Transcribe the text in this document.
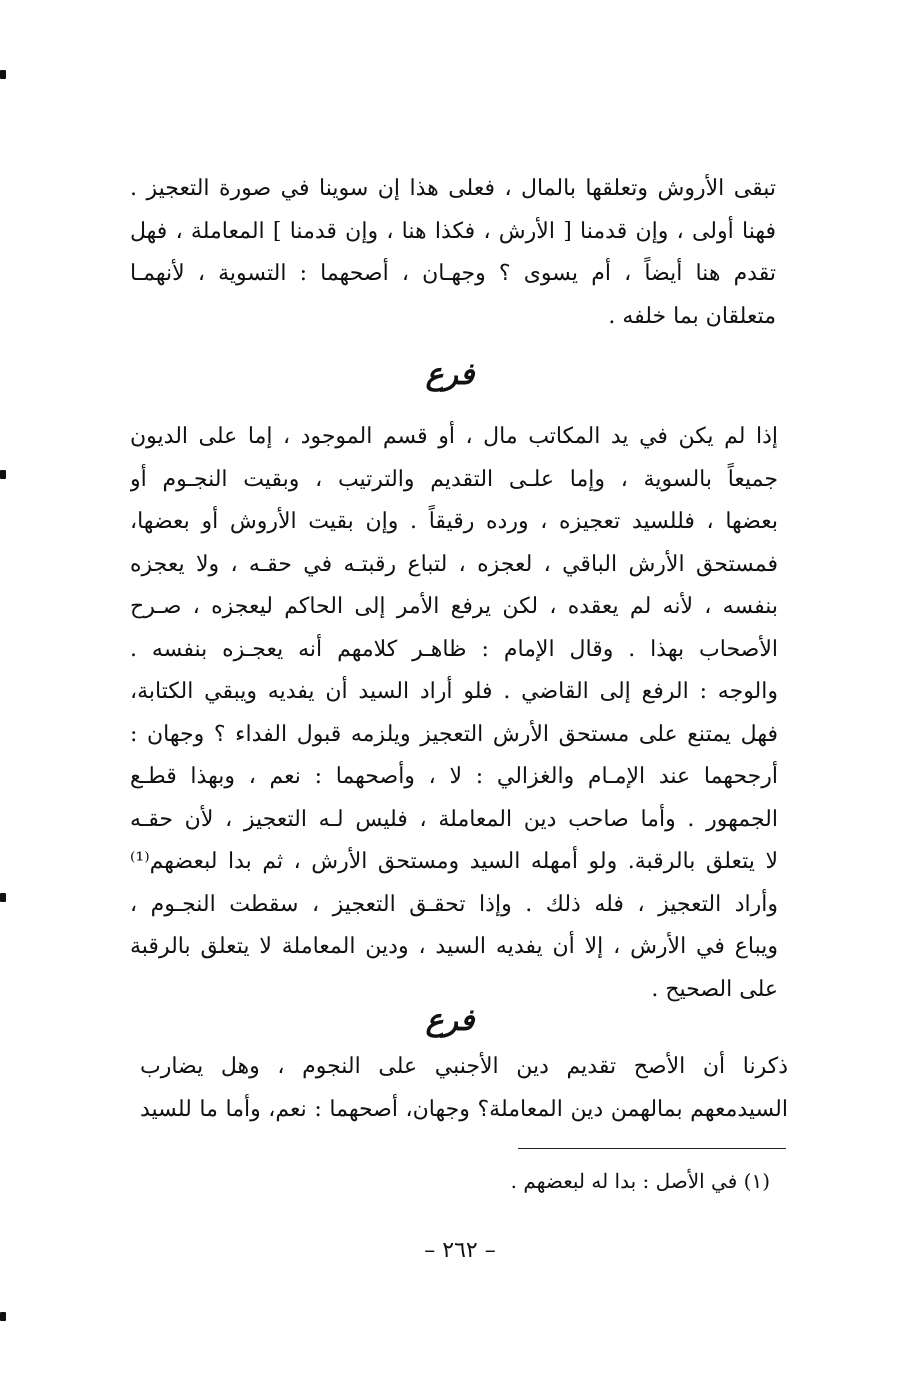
تبقى الأروش وتعلقها بالمال ، فعلى هذا إن سوينا في صورة التعجيز .
فهنا أولى ، وإن قدمنا [ الأرش ، فكذا هنا ، وإن قدمنا ] المعاملة ، فهل
تقدم هنا أيضاً ، أم يسوى ؟ وجهـان ، أصحهما : التسوية ، لأنهمـا
متعلقان بما خلفه .
فرع
إذا لم يكن في يد المكاتب مال ، أو قسم الموجود ، إما على الديون
جميعاً بالسوية ، وإما علـى التقديم والترتيب ، وبقيت النجـوم أو
بعضها ، فللسيد تعجيزه ، ورده رقيقاً . وإن بقيت الأروش أو بعضها،
فمستحق الأرش الباقي ، لعجزه ، لتباع رقبتـه في حقـه ، ولا يعجزه
بنفسه ، لأنه لم يعقده ، لكن يرفع الأمر إلى الحاكم ليعجزه ، صـرح
الأصحاب بهذا . وقال الإمام : ظاهـر كلامهم أنه يعجـزه بنفسه .
والوجه : الرفع إلى القاضي . فلو أراد السيد أن يفديه ويبقي الكتابة،
فهل يمتنع على مستحق الأرش التعجيز ويلزمه قبول الفداء ؟ وجهان :
أرجحهما عند الإمـام والغزالي : لا ، وأصحهما : نعم ، وبهذا قطـع
الجمهور . وأما صاحب دين المعاملة ، فليس لـه التعجيز ، لأن حقـه
لا يتعلق بالرقبة. ولو أمهله السيد ومستحق الأرش ، ثم بدا لبعضهم⁽¹⁾
وأراد التعجيز ، فله ذلك . وإذا تحقـق التعجيز ، سقطت النجـوم ،
ويباع في الأرش ، إلا أن يفديه السيد ، ودين المعاملة لا يتعلق بالرقبة
على الصحيح .
فرع
ذكرنا أن الأصح تقديم دين الأجنبي على النجوم ، وهل يضارب
السيدمعهم بمالهمن دين المعاملة؟ وجهان، أصحهما : نعم، وأما ما للسيد
(١) في الأصل : بدا له لبعضهم .
– ٢٦٢ –
